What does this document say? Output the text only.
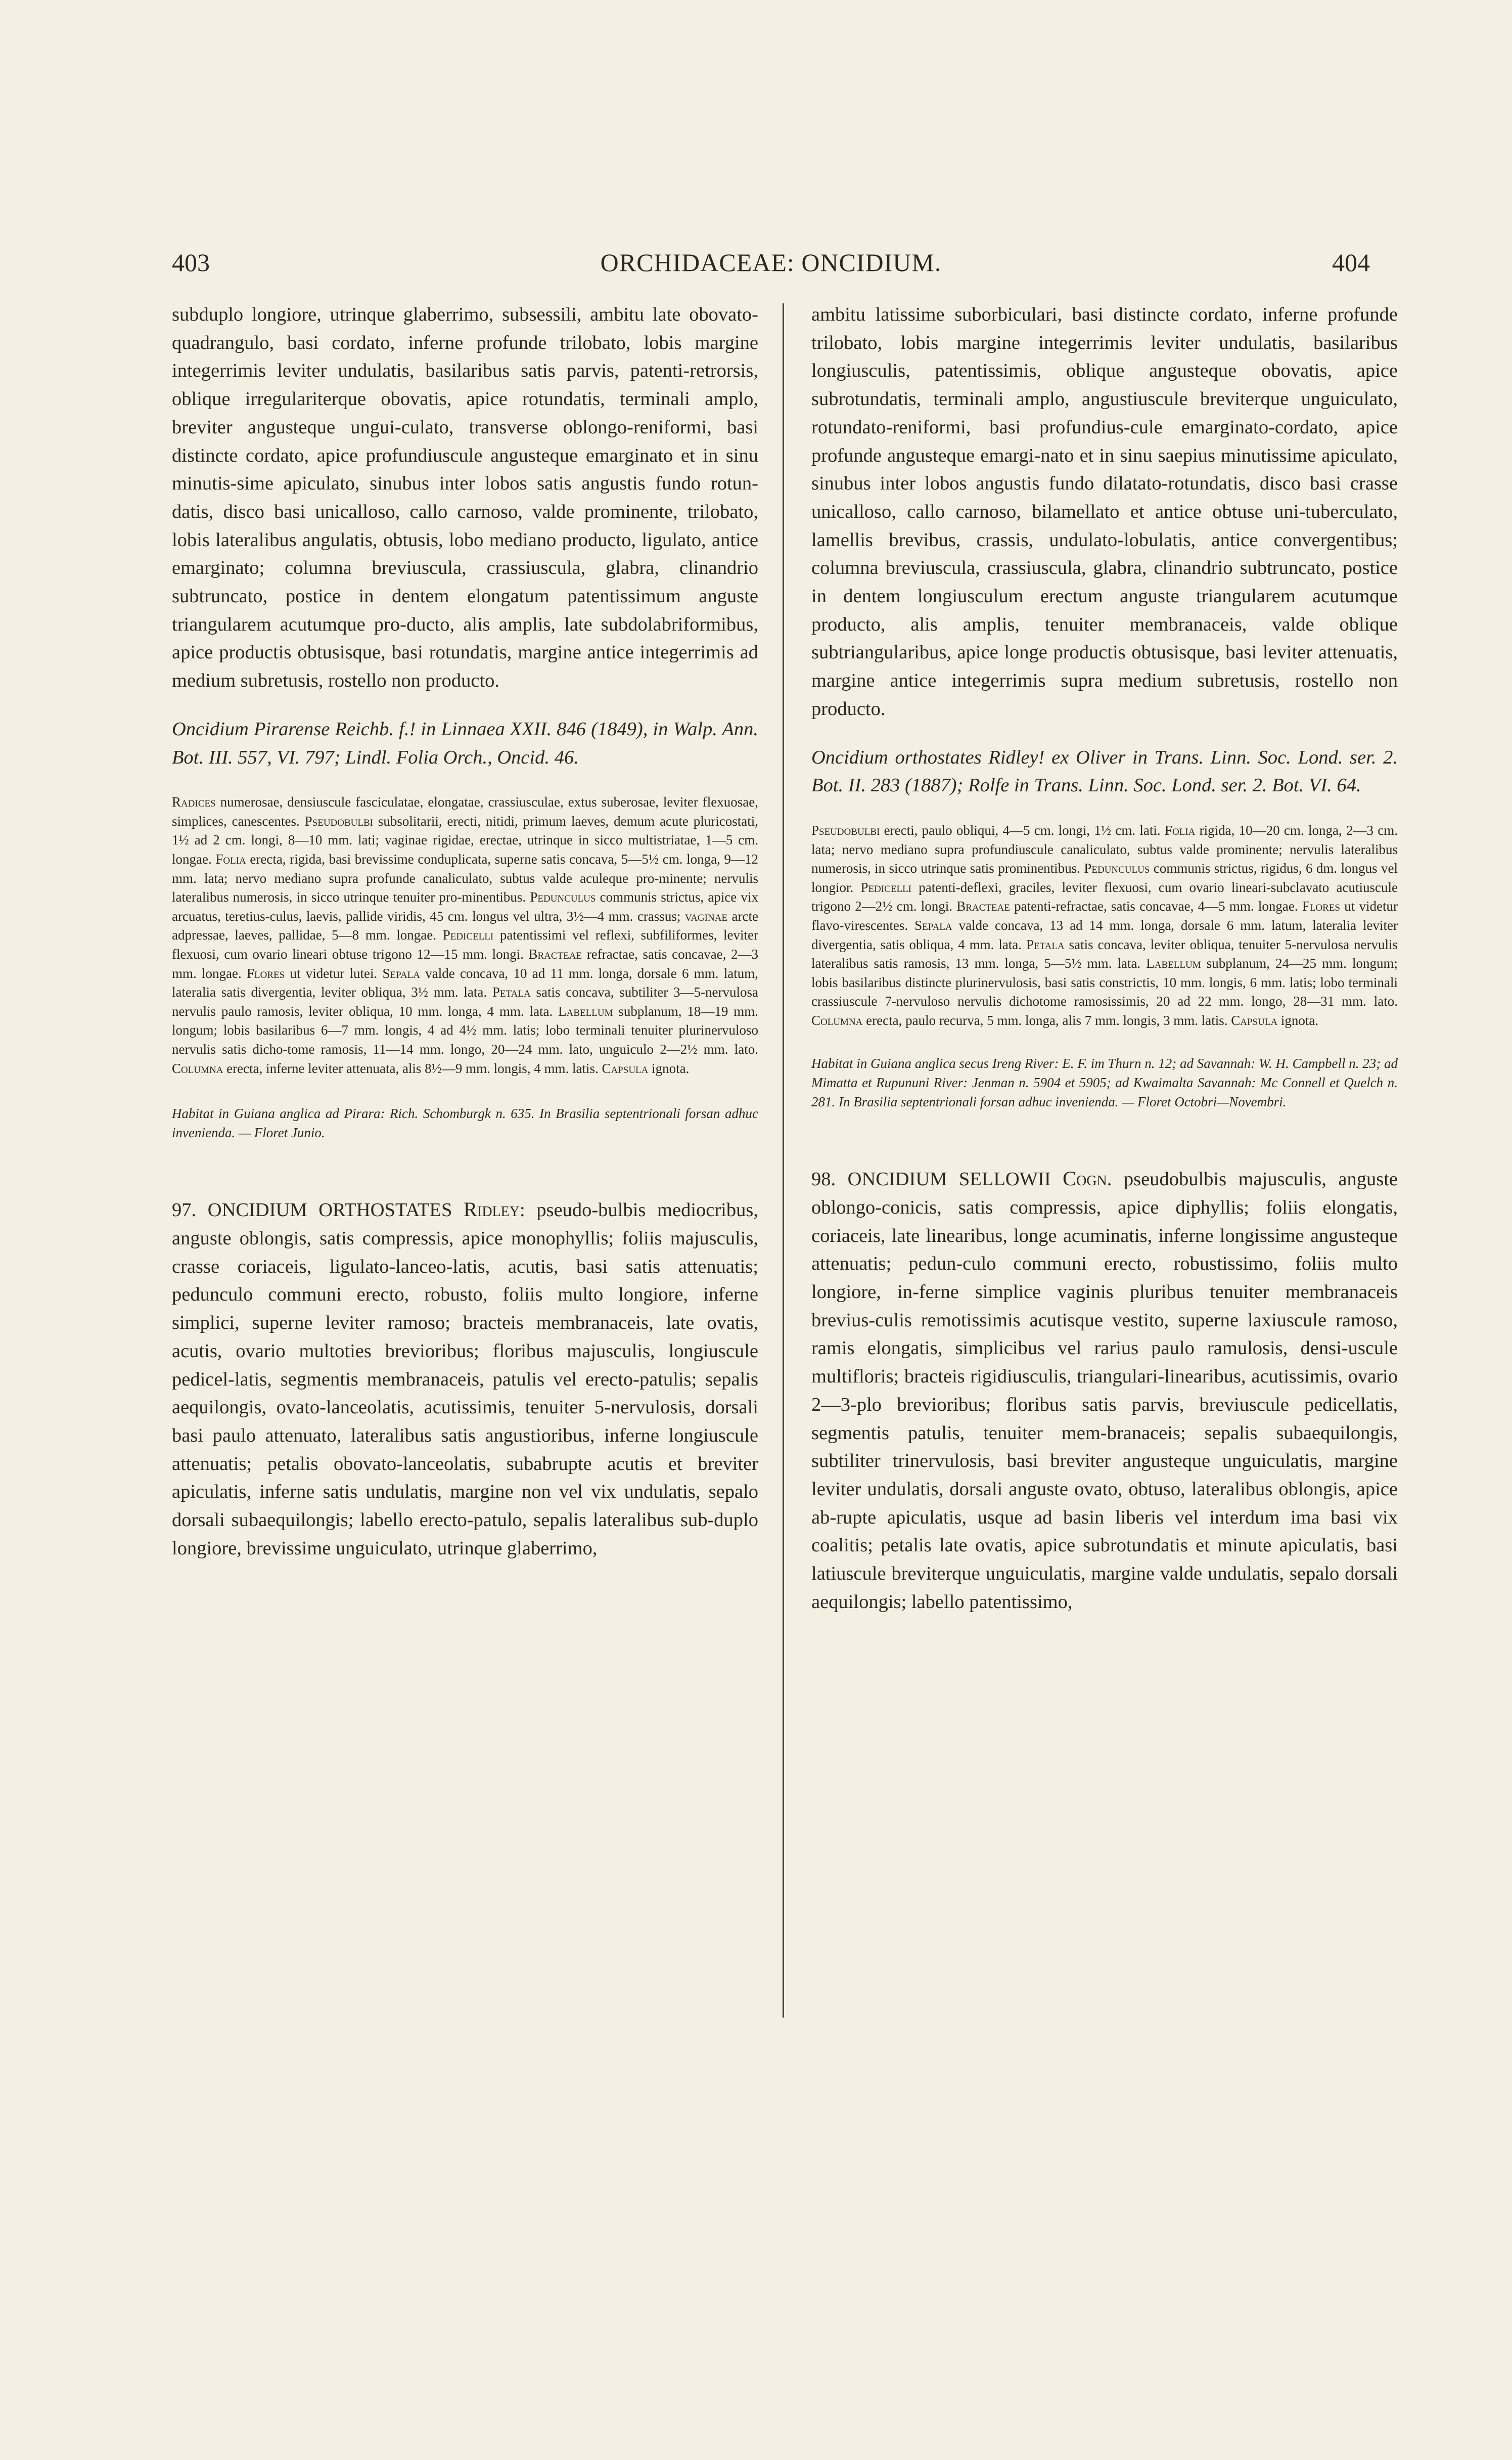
403	ORCHIDACEAE: ONCIDIUM.	404

subduplo longiore, utrinque glaberrimo, subsessili, ambitu late obovato-quadrangulo, basi cordato, inferne profunde trilobato, lobis margine integerrimis leviter undulatis, basilaribus satis parvis, patenti-retrorsis, oblique irregulariterque obovatis, apice rotundatis, terminali amplo, breviter angusteque ungui-culato, transverse oblongo-reniformi, basi distincte cordato, apice profundiuscule angusteque emarginato et in sinu minutis-sime apiculato, sinubus inter lobos satis angustis fundo rotun-datis, disco basi unicalloso, callo carnoso, valde prominente, trilobato, lobis lateralibus angulatis, obtusis, lobo mediano producto, ligulato, antice emarginato; columna breviuscula, crassiuscula, glabra, clinandrio subtruncato, postice in dentem elongatum patentissimum anguste triangularem acutumque pro-ducto, alis amplis, late subdolabriformibus, apice productis obtusisque, basi rotundatis, margine antice integerrimis ad medium subretusis, rostello non producto.

Oncidium Pirarense Reichb. f.! in Linnaea XXII. 846 (1849), in Walp. Ann. Bot. III. 557, VI. 797; Lindl. Folia Orch., Oncid. 46.

Radices numerosae, densiuscule fasciculatae, elongatae, crassiusculae, extus suberosae, leviter flexuosae, simplices, canescentes. Pseudobulbi subsolitarii, erecti, nitidi, primum laeves, demum acute pluricostati, 1½ ad 2 cm. longi, 8—10 mm. lati; vaginae rigidae, erectae, utrinque in sicco multistriatae, 1—5 cm. longae. Folia erecta, rigida, basi brevissime conduplicata, superne satis concava, 5—5½ cm. longa, 9—12 mm. lata; nervo mediano supra profunde canaliculato, subtus valde aculeque pro-minente; nervulis lateralibus numerosis, in sicco utrinque tenuiter pro-minentibus. Pedunculus communis strictus, apice vix arcuatus, teretius-culus, laevis, pallide viridis, 45 cm. longus vel ultra, 3½—4 mm. crassus; vaginae arcte adpressae, laeves, pallidae, 5—8 mm. longae. Pedicelli patentissimi vel reflexi, subfiliformes, leviter flexuosi, cum ovario lineari obtuse trigono 12—15 mm. longi. Bracteae refractae, satis concavae, 2—3 mm. longae. Flores ut videtur lutei. Sepala valde concava, 10 ad 11 mm. longa, dorsale 6 mm. latum, lateralia satis divergentia, leviter obliqua, 3½ mm. lata. Petala satis concava, subtiliter 3—5-nervulosa nervulis paulo ramosis, leviter obliqua, 10 mm. longa, 4 mm. lata. Labellum subplanum, 18—19 mm. longum; lobis basilaribus 6—7 mm. longis, 4 ad 4½ mm. latis; lobo terminali tenuiter plurinervuloso nervulis satis dicho-tome ramosis, 11—14 mm. longo, 20—24 mm. lato, unguiculo 2—2½ mm. lato. Columna erecta, inferne leviter attenuata, alis 8½—9 mm. longis, 4 mm. latis. Capsula ignota.

Habitat in Guiana anglica ad Pirara: Rich. Schomburgk n. 635. In Brasilia septentrionali forsan adhuc invenienda. — Floret Junio.

97. ONCIDIUM ORTHOSTATES Ridley: pseudo-bulbis mediocribus, anguste oblongis, satis compressis, apice monophyllis; foliis majusculis, crasse coriaceis, ligulato-lanceo-latis, acutis, basi satis attenuatis; pedunculo communi erecto, robusto, foliis multo longiore, inferne simplici, superne leviter ramoso; bracteis membranaceis, late ovatis, acutis, ovario multoties brevioribus; floribus majusculis, longiuscule pedicel-latis, segmentis membranaceis, patulis vel erecto-patulis; sepalis aequilongis, ovato-lanceolatis, acutissimis, tenuiter 5-nervulosis, dorsali basi paulo attenuato, lateralibus satis angustioribus, inferne longiuscule attenuatis; petalis obovato-lanceolatis, subabrupte acutis et breviter apiculatis, inferne satis undulatis, margine non vel vix undulatis, sepalo dorsali subaequilongis; labello erecto-patulo, sepalis lateralibus sub-duplo longiore, brevissime unguiculato, utrinque glaberrimo,

ambitu latissime suborbiculari, basi distincte cordato, inferne profunde trilobato, lobis margine integerrimis leviter undulatis, basilaribus longiusculis, patentissimis, oblique angusteque obovatis, apice subrotundatis, terminali amplo, angustiuscule breviterque unguiculato, rotundato-reniformi, basi profundius-cule emarginato-cordato, apice profunde angusteque emargi-nato et in sinu saepius minutissime apiculato, sinubus inter lobos angustis fundo dilatato-rotundatis, disco basi crasse unicalloso, callo carnoso, bilamellato et antice obtuse uni-tuberculato, lamellis brevibus, crassis, undulato-lobulatis, antice convergentibus; columna breviuscula, crassiuscula, glabra, clinandrio subtruncato, postice in dentem longiusculum erectum anguste triangularem acutumque producto, alis amplis, tenuiter membranaceis, valde oblique subtriangularibus, apice longe productis obtusisque, basi leviter attenuatis, margine antice integerrimis supra medium subretusis, rostello non producto.

Oncidium orthostates Ridley! ex Oliver in Trans. Linn. Soc. Lond. ser. 2. Bot. II. 283 (1887); Rolfe in Trans. Linn. Soc. Lond. ser. 2. Bot. VI. 64.

Pseudobulbi erecti, paulo obliqui, 4—5 cm. longi, 1½ cm. lati. Folia rigida, 10—20 cm. longa, 2—3 cm. lata; nervo mediano supra profundiuscule canaliculato, subtus valde prominente; nervulis lateralibus numerosis, in sicco utrinque satis prominentibus. Pedunculus communis strictus, rigidus, 6 dm. longus vel longior. Pedicelli patenti-deflexi, graciles, leviter flexuosi, cum ovario lineari-subclavato acutiuscule trigono 2—2½ cm. longi. Bracteae patenti-refractae, satis concavae, 4—5 mm. longae. Flores ut videtur flavo-virescentes. Sepala valde concava, 13 ad 14 mm. longa, dorsale 6 mm. latum, lateralia leviter divergentia, satis obliqua, 4 mm. lata. Petala satis concava, leviter obliqua, tenuiter 5-nervulosa nervulis lateralibus satis ramosis, 13 mm. longa, 5—5½ mm. lata. Labellum subplanum, 24—25 mm. longum; lobis basilaribus distincte plurinervulosis, basi satis constrictis, 10 mm. longis, 6 mm. latis; lobo terminali crassiuscule 7-nervuloso nervulis dichotome ramosissimis, 20 ad 22 mm. longo, 28—31 mm. lato. Columna erecta, paulo recurva, 5 mm. longa, alis 7 mm. longis, 3 mm. latis. Capsula ignota.

Habitat in Guiana anglica secus Ireng River: E. F. im Thurn n. 12; ad Savannah: W. H. Campbell n. 23; ad Mimatta et Rupununi River: Jenman n. 5904 et 5905; ad Kwaimalta Savannah: Mc Connell et Quelch n. 281. In Brasilia septentrionali forsan adhuc invenienda. — Floret Octobri—Novembri.

98. ONCIDIUM SELLOWII Cogn. pseudobulbis majusculis, anguste oblongo-conicis, satis compressis, apice diphyllis; foliis elongatis, coriaceis, late linearibus, longe acuminatis, inferne longissime angusteque attenuatis; pedun-culo communi erecto, robustissimo, foliis multo longiore, in-ferne simplice vaginis pluribus tenuiter membranaceis brevius-culis remotissimis acutisque vestito, superne laxiuscule ramoso, ramis elongatis, simplicibus vel rarius paulo ramulosis, densi-uscule multifloris; bracteis rigidiusculis, triangulari-linearibus, acutissimis, ovario 2—3-plo brevioribus; floribus satis parvis, breviuscule pedicellatis, segmentis patulis, tenuiter mem-branaceis; sepalis subaequilongis, subtiliter trinervulosis, basi breviter angusteque unguiculatis, margine leviter undulatis, dorsali anguste ovato, obtuso, lateralibus oblongis, apice ab-rupte apiculatis, usque ad basin liberis vel interdum ima basi vix coalitis; petalis late ovatis, apice subrotundatis et minute apiculatis, basi latiuscule breviterque unguiculatis, margine valde undulatis, sepalo dorsali aequilongis; labello patentissimo,
